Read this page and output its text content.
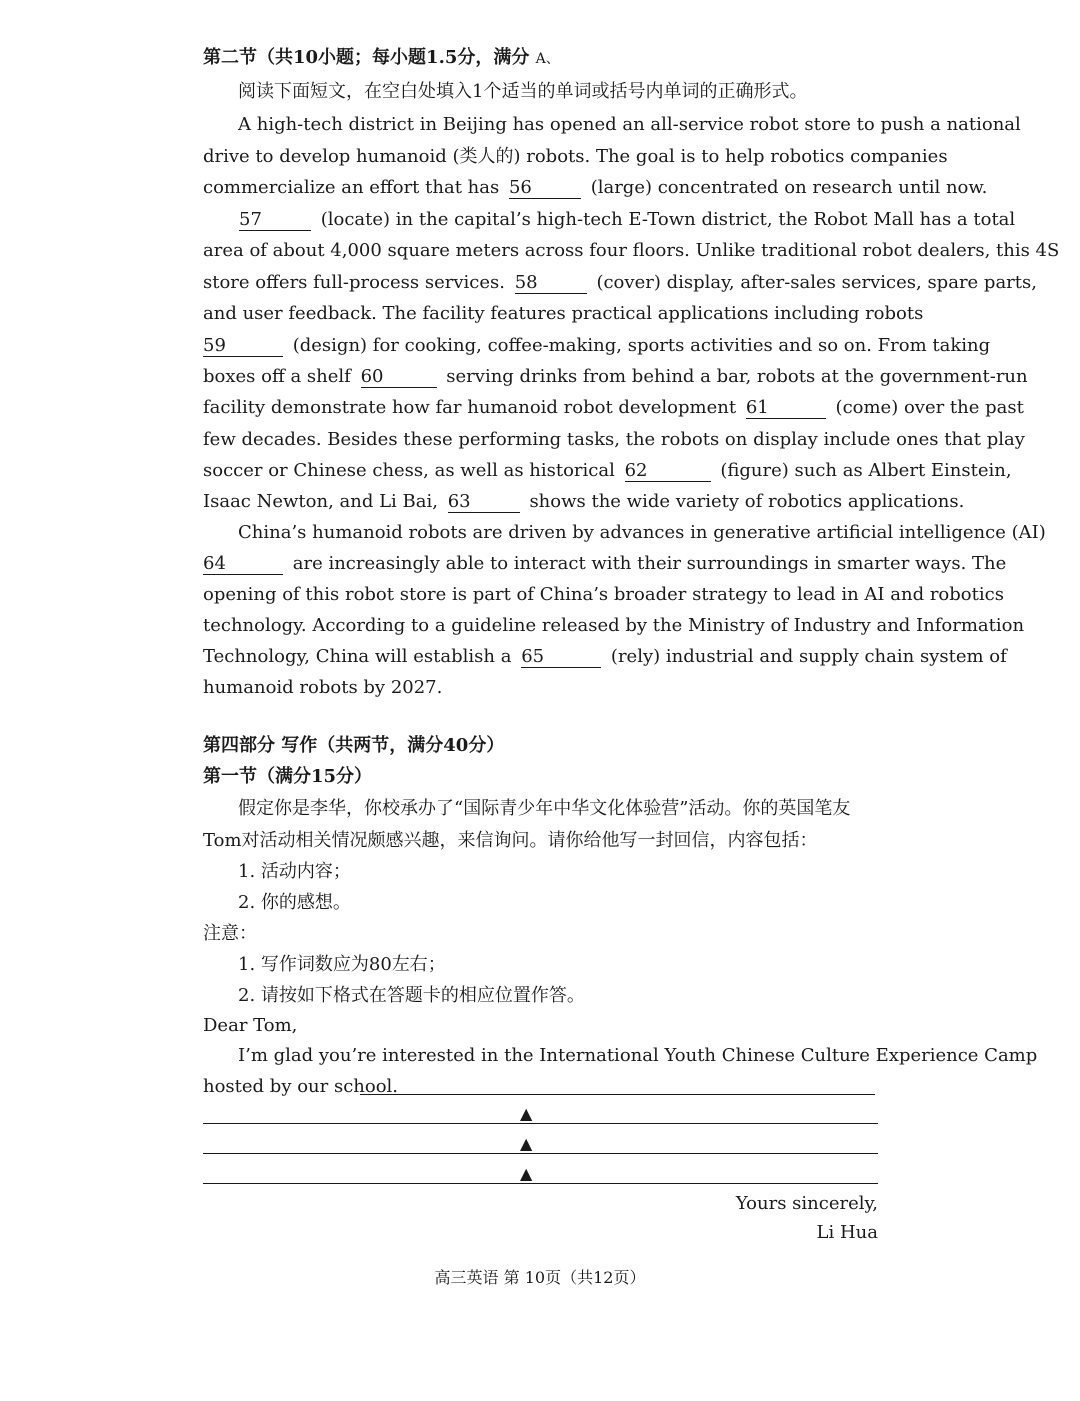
第二节（共10小题；每小题1.5分，满分 A、
阅读下面短文，在空白处填入1个适当的单词或括号内单词的正确形式。
A high-tech district in Beijing has opened an all-service robot store to push a national
drive to develop humanoid (类人的) robots. The goal is to help robotics companies
commercialize an effort that has 56	(large) concentrated on research until now.
57	(locate) in the capital’s high-tech E-Town district, the Robot Mall has a total
area of about 4,000 square meters across four floors. Unlike traditional robot dealers, this 4S
store offers full-process services. 58	(cover) display, after-sales services, spare parts,
and user feedback. The facility features practical applications including robots
59	(design) for cooking, coffee-making, sports activities and so on. From taking
boxes off a shelf 60	serving drinks from behind a bar, robots at the government-run
facility demonstrate how far humanoid robot development 61	(come) over the past
few decades. Besides these performing tasks, the robots on display include ones that play
soccer or Chinese chess, as well as historical 62	(figure) such as Albert Einstein,
Isaac Newton, and Li Bai, 63	shows the wide variety of robotics applications.
China’s humanoid robots are driven by advances in generative artificial intelligence (AI)
64	are increasingly able to interact with their surroundings in smarter ways. The
opening of this robot store is part of China’s broader strategy to lead in AI and robotics
technology. According to a guideline released by the Ministry of Industry and Information
Technology, China will establish a 65	(rely) industrial and supply chain system of
humanoid robots by 2027.
第四部分 写作（共两节，满分40分）
第一节（满分15分）
假定你是李华，你校承办了“国际青少年中华文化体验营”活动。你的英国笔友
Tom对活动相关情况颇感兴趣，来信询问。请你给他写一封回信，内容包括：
1. 活动内容；
2. 你的感想。
注意：
1. 写作词数应为80左右；
2. 请按如下格式在答题卡的相应位置作答。
Dear Tom,
I’m glad you’re interested in the International Youth Chinese Culture Experience Camp
hosted by our school.
▲
▲
▲
Yours sincerely,
Li Hua
高三英语 第 10页（共12页）
